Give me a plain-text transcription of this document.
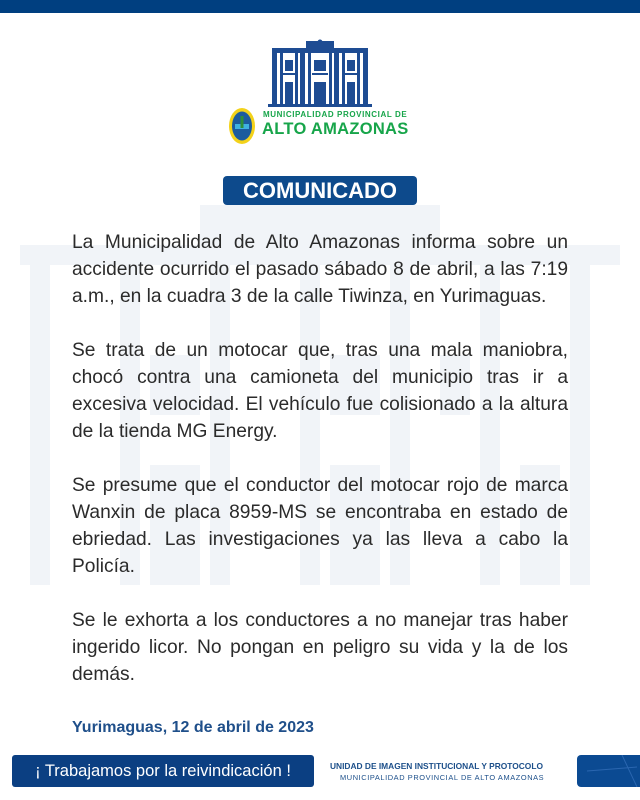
MUNICIPALIDAD PROVINCIAL DE
ALTO AMAZONAS
COMUNICADO

La Municipalidad de Alto Amazonas informa sobre un accidente ocurrido el pasado sábado 8 de abril, a las 7:19 a.m., en la cuadra 3 de la calle Tiwinza, en Yurimaguas.

Se trata de un motocar que, tras una mala maniobra, chocó contra una camioneta del municipio tras ir a excesiva velocidad. El vehículo fue colisionado a la altura de la tienda MG Energy.

Se presume que el conductor del motocar rojo de marca Wanxin de placa 8959-MS se encontraba en estado de ebriedad. Las investigaciones ya las lleva a cabo la Policía.

Se le exhorta a los conductores a no manejar tras haber ingerido licor. No pongan en peligro su vida y la de los demás.

Yurimaguas, 12 de abril de 2023
¡ Trabajamos por la reivindicación !	UNIDAD DE IMAGEN INSTITUCIONAL Y PROTOCOLO
MUNICIPALIDAD PROVINCIAL DE ALTO AMAZONAS
